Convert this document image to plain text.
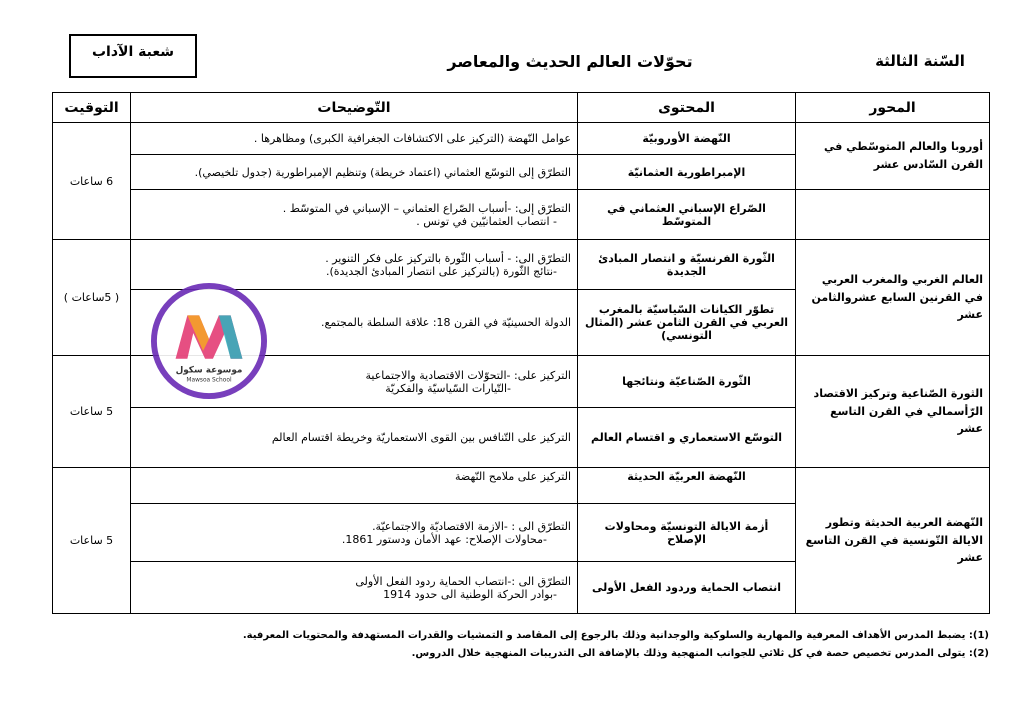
شعبة الآداب	تحوّلات العالم الحديث والمعاصر	السّنة الثالثة
المحور	المحتوى	التّوضيحات	التوقيت
أوروبا والعالم المتوسّطي في القرن السّادس عشر	النّهضة الأوروبيّة	عوامل النّهضة (التركيز على الاكتشافات الجغرافية الكبرى) ومظاهرها .	6 ساعات
	الإمبراطورية العثمانيّة	التطرّق إلى التوسّع العثماني (اعتماد خريطة) وتنظيم الإمبراطورية (جدول تلخيصي).	
	الصّراع الإسباني العثماني في المتوسّط	التطرّق إلى: -أسباب الصّراع العثماني – الإسباني في المتوسّط .

- انتصاب العثمانيّين في تونس .	

العالم الغربي والمغرب العربي في القرنين السابع عشروالثامن عشر	الثّورة الفرنسيّة و انتصار المبادئ الجديدة	التطرّق الى: - أسباب الثّورة بالتركيز على فكر التنوير .

-نتائج الثّورة (بالتركيز على انتصار المبادئ الجديدة).	( 5ساعات )
	تطوّر الكيانات السّياسيّة بالمغرب العربي في القرن الثامن عشر (المثال التونسي)	الدولة الحسينيّة في القرن 18: علاقة السلطة بالمجتمع.	
الثورة الصّناعية وتركيز الاقتصاد الرّأسمالي في القرن التاسع عشر	الثّورة الصّناعيّة ونتائجها	التركيز على: -التحوّلات الاقتصادية والاجتماعية

-التّيارات السّياسيّة والفكريّة	5 ساعات
	التوسّع الاستعماري و اقتسام العالم	التركيز على التّنافس بين القوى الاستعماريّة وخريطة اقتسام العالم	
النّهضة العربية الحديثة وتطور الايالة التّونسية في القرن التاسع عشر	النّهضة العربيّة الحديثة	التركيز على ملامح النّهضة	5 ساعات
	أزمة الايالة التونسيّة ومحاولات الإصلاح	التطرّق الى : -الازمة الاقتصاديّة والاجتماعيّة.

-محاولات الإصلاح: عهد الأمان ودستور 1861.	

	انتصاب الحماية وردود الفعل الأولى	التطرّق الى :-انتصاب الحماية ردود الفعل الأولى

-بوادر الحركة الوطنية الى حدود 1914	
(1): يضبط المدرس الأهداف المعرفية والمهارية والسلوكية والوجدانية وذلك بالرجوع إلى المقاصد و التمشيات والقدرات المستهدفة والمحتويات المعرفية.
(2): يتولى المدرس تخصيص حصة في كل ثلاثي للجوانب المنهجية وذلك بالإضافة الى التدريبات المنهجية خلال الدروس.
موسوعة سكول
Mawsoa School
